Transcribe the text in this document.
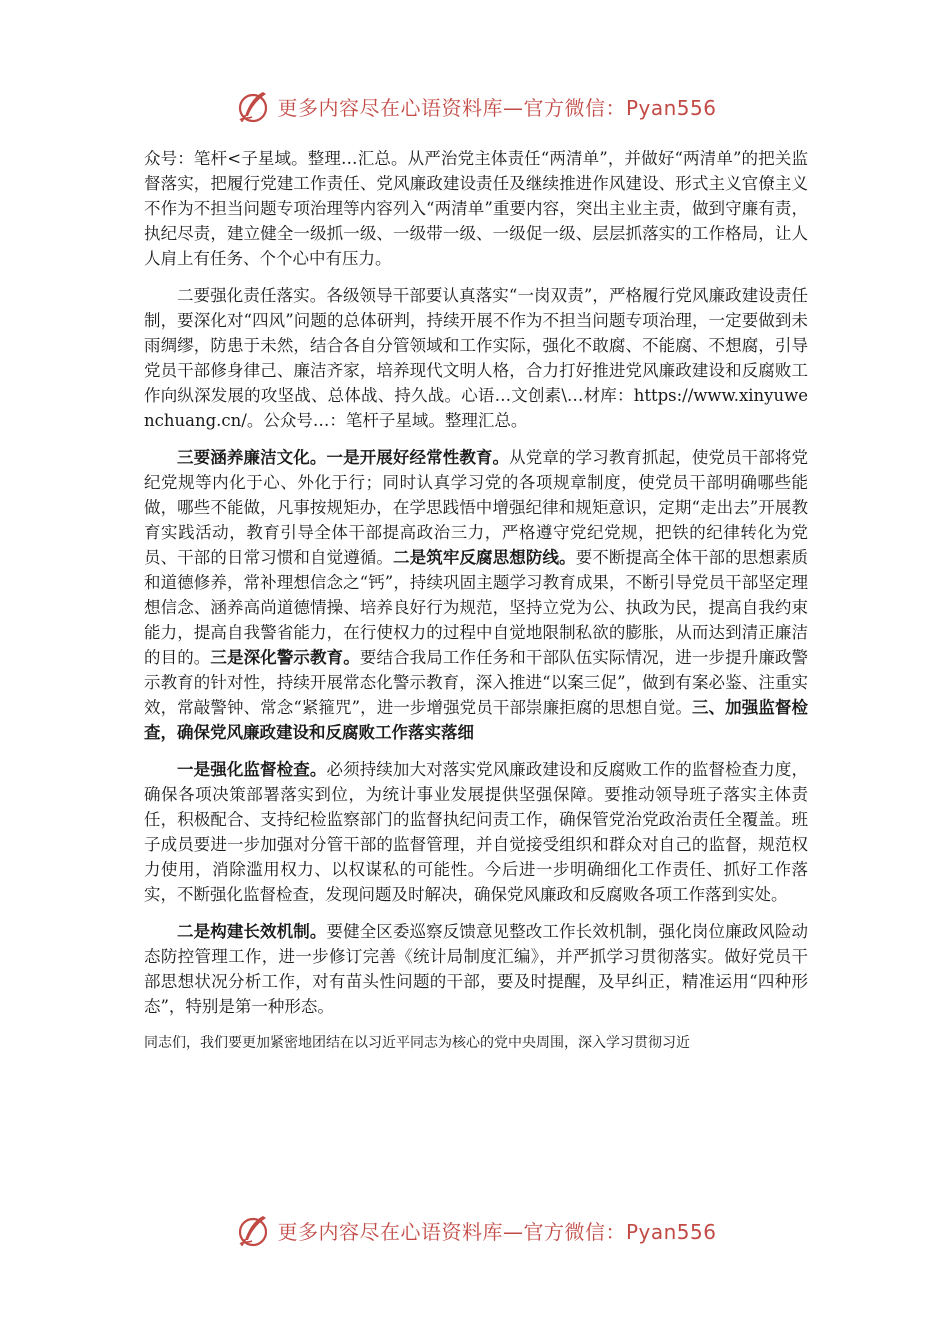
更多内容尽在心语资料库—官方微信：Pyan556

众号：笔杆<子星域。整理…汇总。从严治党主体责任“两清单”，并做好“两清单”的把关监督落实，把履行党建工作责任、党风廉政建设责任及继续推进作风建设、形式主义官僚主义不作为不担当问题专项治理等内容列入“两清单”重要内容，突出主业主责，做到守廉有责，执纪尽责，建立健全一级抓一级、一级带一级、一级促一级、层层抓落实的工作格局，让人人肩上有任务、个个心中有压力。

二要强化责任落实。各级领导干部要认真落实“一岗双责”，严格履行党风廉政建设责任制，要深化对“四风”问题的总体研判，持续开展不作为不担当问题专项治理，一定要做到未雨绸缪，防患于未然，结合各自分管领域和工作实际，强化不敢腐、不能腐、不想腐，引导党员干部修身律己、廉洁齐家，培养现代文明人格，合力打好推进党风廉政建设和反腐败工作向纵深发展的攻坚战、总体战、持久战。心语…文创素\…材库：https://www.xinyuwenchuang.cn/。公众号…：笔杆子星域。整理汇总。

三要涵养廉洁文化。一是开展好经常性教育。从党章的学习教育抓起，使党员干部将党纪党规等内化于心、外化于行；同时认真学习党的各项规章制度，使党员干部明确哪些能做，哪些不能做，凡事按规矩办，在学思践悟中增强纪律和规矩意识，定期“走出去”开展教育实践活动，教育引导全体干部提高政治三力，严格遵守党纪党规，把铁的纪律转化为党员、干部的日常习惯和自觉遵循。二是筑牢反腐思想防线。要不断提高全体干部的思想素质和道德修养，常补理想信念之“钙”，持续巩固主题学习教育成果，不断引导党员干部坚定理想信念、涵养高尚道德情操、培养良好行为规范，坚持立党为公、执政为民，提高自我约束能力，提高自我警省能力，在行使权力的过程中自觉地限制私欲的膨胀，从而达到清正廉洁的目的。三是深化警示教育。要结合我局工作任务和干部队伍实际情况，进一步提升廉政警示教育的针对性，持续开展常态化警示教育，深入推进“以案三促”，做到有案必鉴、注重实效，常敲警钟、常念“紧箍咒”，进一步增强党员干部崇廉拒腐的思想自觉。三、加强监督检查，确保党风廉政建设和反腐败工作落实落细

一是强化监督检查。必须持续加大对落实党风廉政建设和反腐败工作的监督检查力度，确保各项决策部署落实到位，为统计事业发展提供坚强保障。要推动领导班子落实主体责任，积极配合、支持纪检监察部门的监督执纪问责工作，确保管党治党政治责任全覆盖。班子成员要进一步加强对分管干部的监督管理，并自觉接受组织和群众对自己的监督，规范权力使用，消除滥用权力、以权谋私的可能性。今后进一步明确细化工作责任、抓好工作落实，不断强化监督检查，发现问题及时解决，确保党风廉政和反腐败各项工作落到实处。

二是构建长效机制。要健全区委巡察反馈意见整改工作长效机制，强化岗位廉政风险动态防控管理工作，进一步修订完善《统计局制度汇编》，并严抓学习贯彻落实。做好党员干部思想状况分析工作，对有苗头性问题的干部，要及时提醒，及早纠正，精准运用“四种形态”，特别是第一种形态。

同志们，我们要更加紧密地团结在以习近平同志为核心的党中央周围，深入学习贯彻习近

更多内容尽在心语资料库—官方微信：Pyan556
